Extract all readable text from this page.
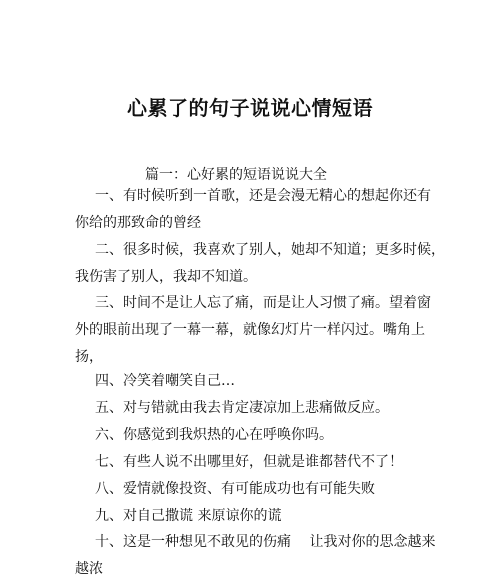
心累了的句子说说心情短语
篇一：心好累的短语说说大全
一、有时候听到一首歌，还是会漫无精心的想起你还有
你给的那致命的曾经
二、很多时候，我喜欢了别人，她却不知道；更多时候，
我伤害了别人，我却不知道。
三、时间不是让人忘了痛，而是让人习惯了痛。望着窗
外的眼前出现了一幕一幕，就像幻灯片一样闪过。嘴角上
扬，
四、冷笑着嘲笑自己…
五、对与错就由我去肯定凄凉加上悲痛做反应。
六、你感觉到我炽热的心在呼唤你吗。
七、有些人说不出哪里好，但就是谁都替代不了！
八、爱情就像投资、有可能成功也有可能失败
九、对自己撒谎 来原谅你的谎
十、这是一种想见不敢见的伤痛　 让我对你的思念越来
越浓
